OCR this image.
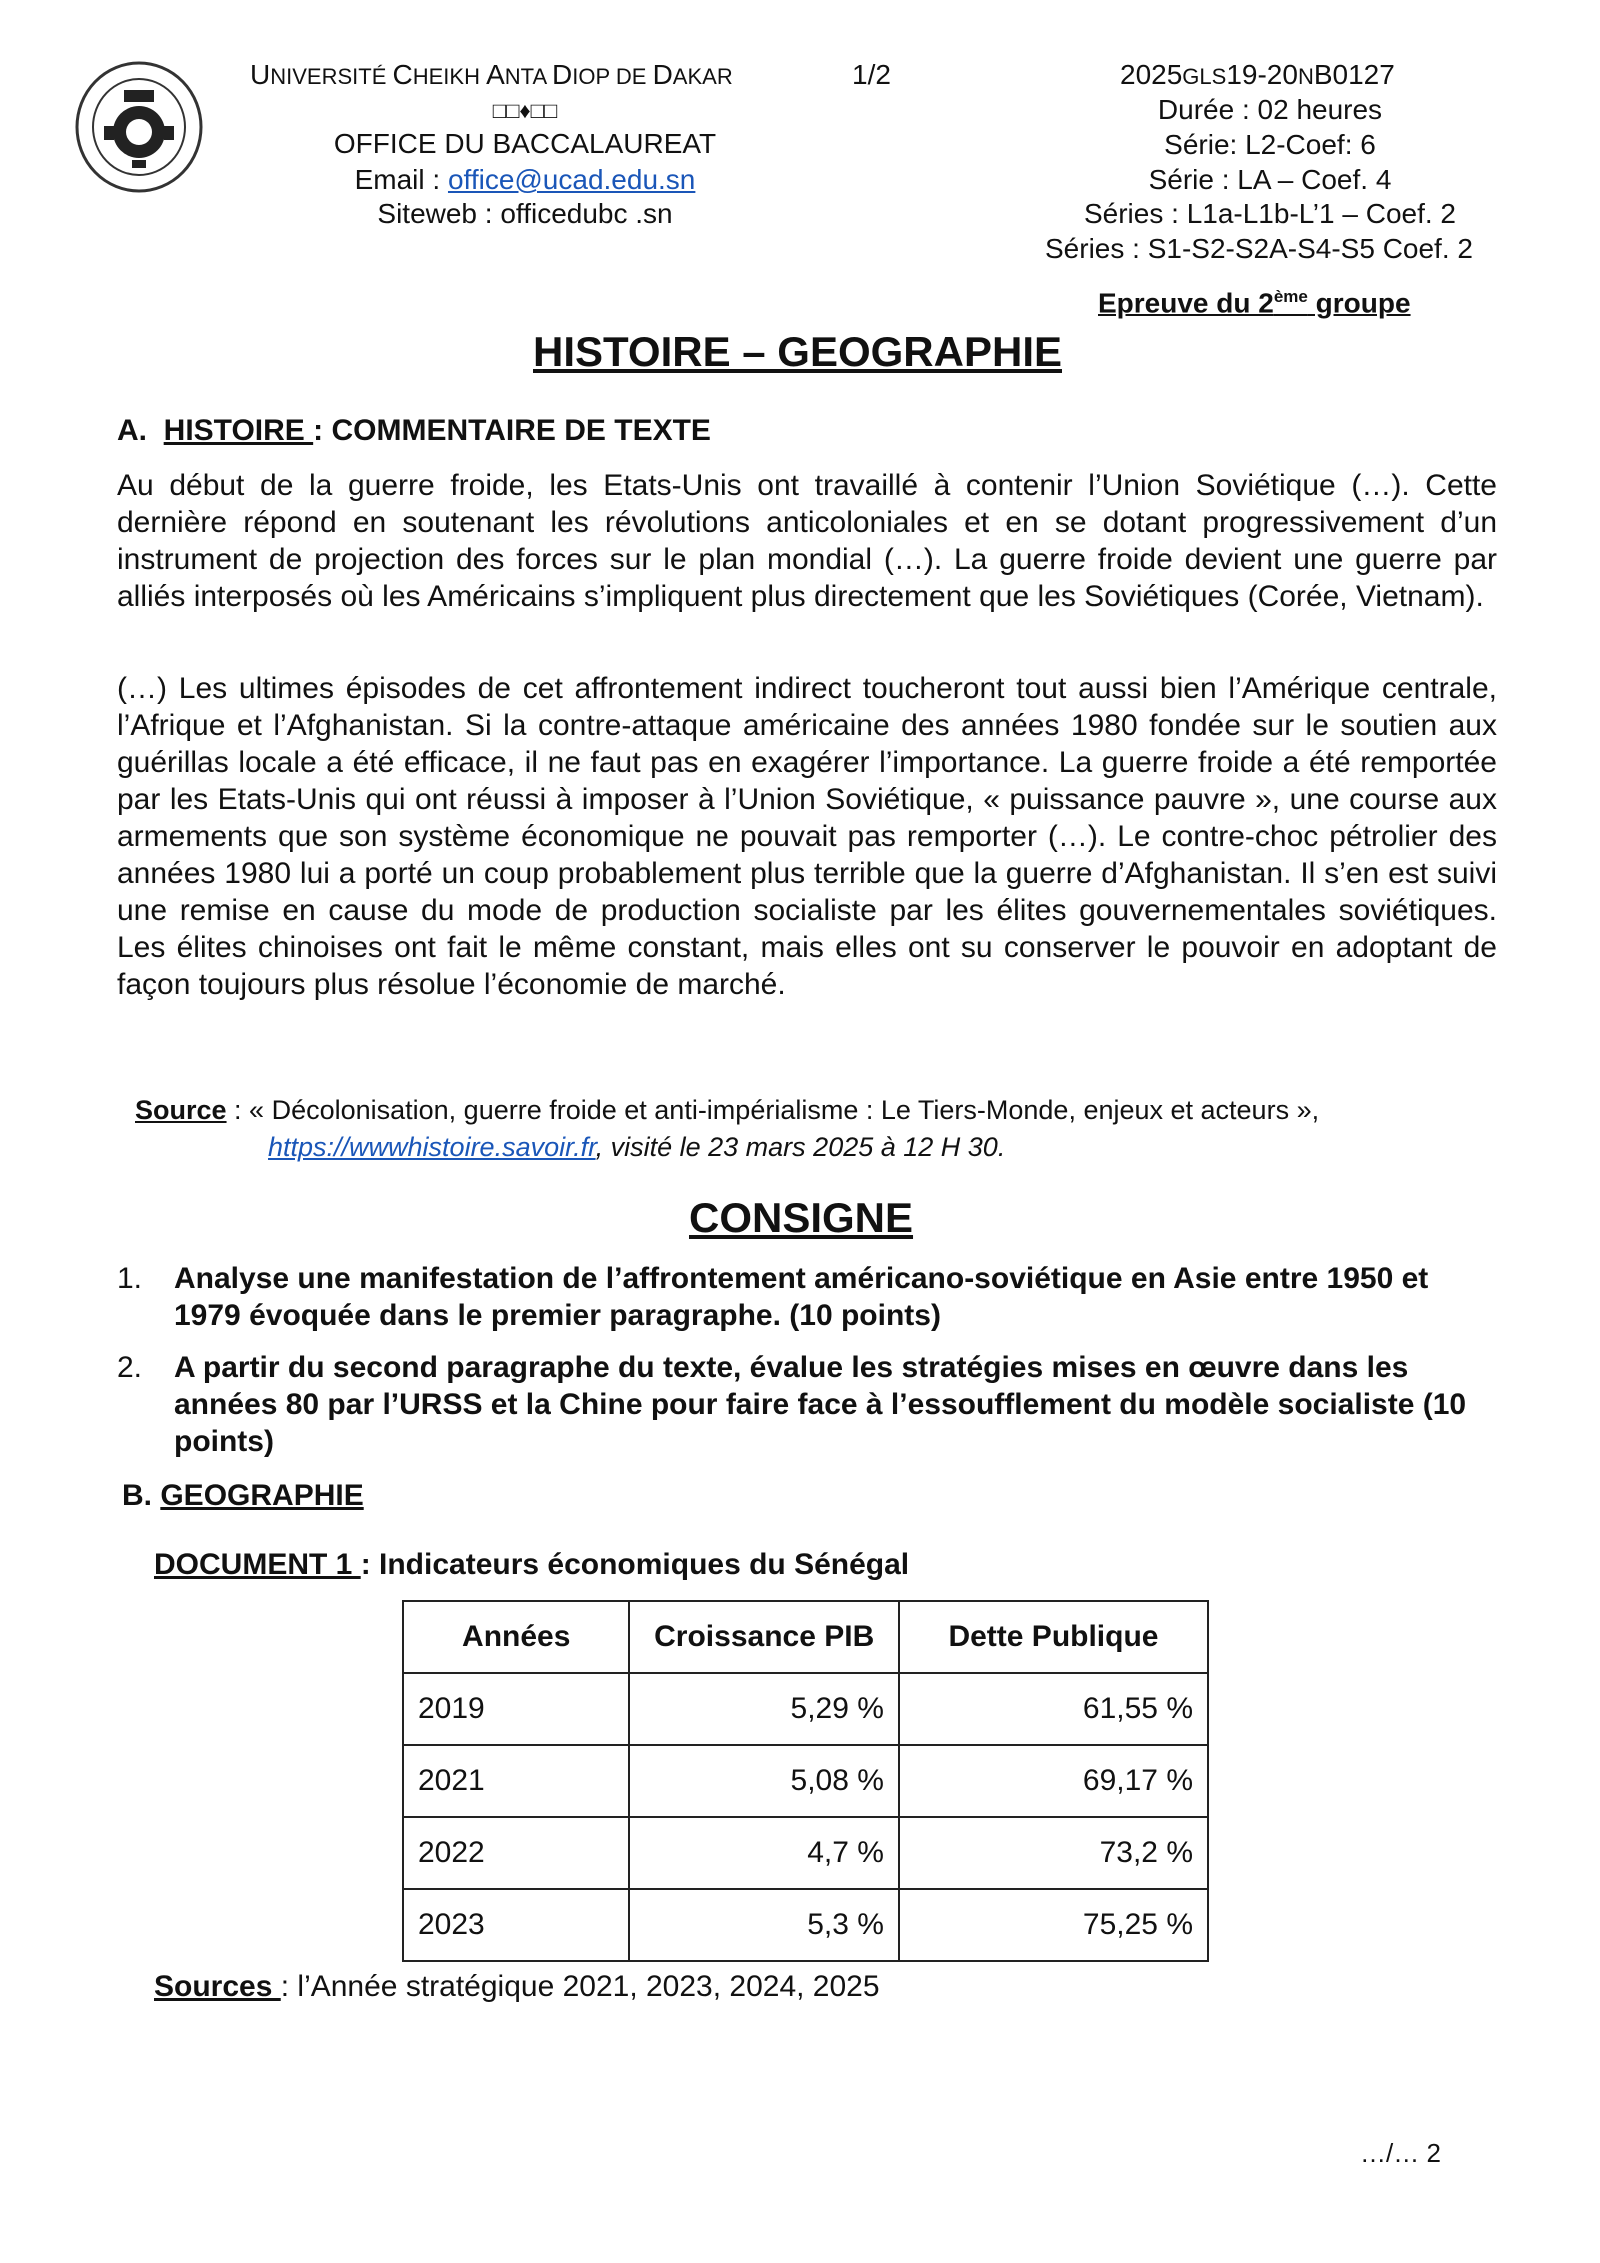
UNIVERSITÉ CHEIKH ANTA DIOP DE DAKAR	1/2
□□♦□□
OFFICE DU BACCALAUREAT
Email : office@ucad.edu.sn
Siteweb : officedubc .sn
2025GLS19-20NB0127
Durée : 02 heures
Série: L2-Coef: 6
Série : LA – Coef. 4
Séries : L1a-L1b-L’1 – Coef. 2
Séries : S1-S2-S2A-S4-S5 Coef. 2
Epreuve du 2ème groupe
HISTOIRE – GEOGRAPHIE
A. HISTOIRE : COMMENTAIRE DE TEXTE
Au début de la guerre froide, les Etats-Unis ont travaillé à contenir l’Union Soviétique (…). Cette dernière répond en soutenant les révolutions anticoloniales et en se dotant progressivement d’un instrument de projection des forces sur le plan mondial (…). La guerre froide devient une guerre par alliés interposés où les Américains s’impliquent plus directement que les Soviétiques (Corée, Vietnam).
(…) Les ultimes épisodes de cet affrontement indirect toucheront tout aussi bien l’Amérique centrale, l’Afrique et l’Afghanistan. Si la contre-attaque américaine des années 1980 fondée sur le soutien aux guérillas locale a été efficace, il ne faut pas en exagérer l’importance. La guerre froide a été remportée par les Etats-Unis qui ont réussi à imposer à l’Union Soviétique, « puissance pauvre », une course aux armements que son système économique ne pouvait pas remporter (…). Le contre-choc pétrolier des années 1980 lui a porté un coup probablement plus terrible que la guerre d’Afghanistan. Il s’en est suivi une remise en cause du mode de production socialiste par les élites gouvernementales soviétiques. Les élites chinoises ont fait le même constant, mais elles ont su conserver le pouvoir en adoptant de façon toujours plus résolue l’économie de marché.
Source : « Décolonisation, guerre froide et anti-impérialisme : Le Tiers-Monde, enjeux et acteurs »,
https://wwwhistoire.savoir.fr, visité le 23 mars 2025 à 12 H 30.
CONSIGNE
1. Analyse une manifestation de l’affrontement américano-soviétique en Asie entre 1950 et 1979 évoquée dans le premier paragraphe. (10 points)
2. A partir du second paragraphe du texte, évalue les stratégies mises en œuvre dans les années 80 par l’URSS et la Chine pour faire face à l’essoufflement du modèle socialiste (10 points)
B. GEOGRAPHIE
DOCUMENT 1 : Indicateurs économiques du Sénégal
Années	Croissance PIB	Dette Publique
2019	5,29 %	61,55 %
2021	5,08 %	69,17 %
2022	4,7 %	73,2 %
2023	5,3 %	75,25 %
Sources : l’Année stratégique 2021, 2023, 2024, 2025
…/… 2
